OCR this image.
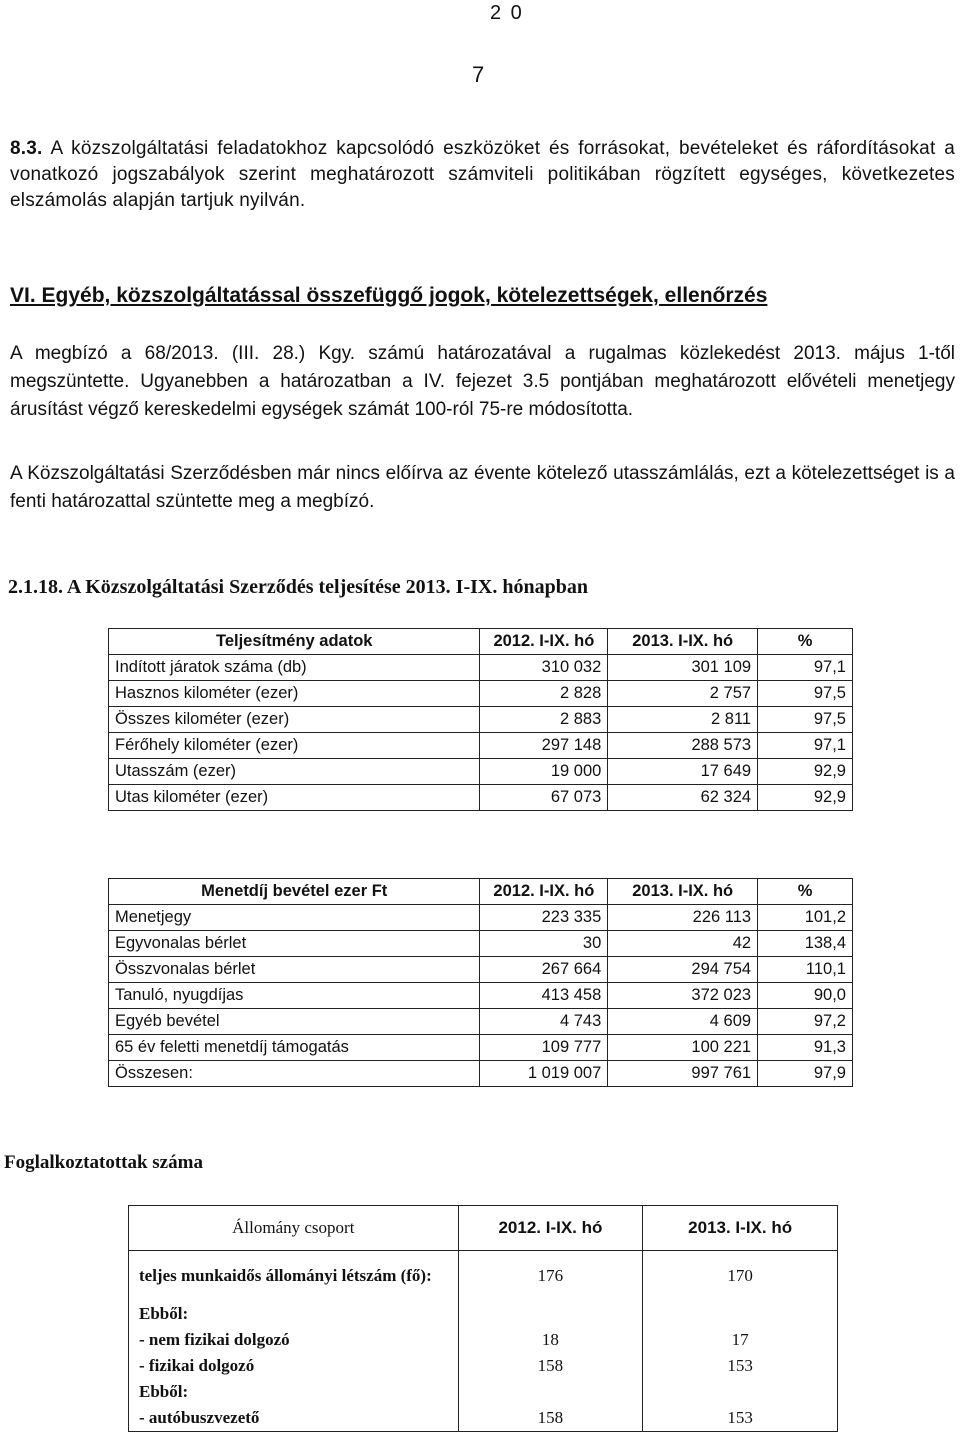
2 0
7
8.3. A közszolgáltatási feladatokhoz kapcsolódó eszközöket és forrásokat, bevételeket és ráfordításokat a vonatkozó jogszabályok szerint meghatározott számviteli politikában rögzített egységes, következetes elszámolás alapján tartjuk nyilván.
VI. Egyéb, közszolgáltatással összefüggő jogok, kötelezettségek, ellenőrzés
A megbízó a 68/2013. (III. 28.) Kgy. számú határozatával a rugalmas közlekedést 2013. május 1-től megszüntette. Ugyanebben a határozatban a IV. fejezet 3.5 pontjában meghatározott elővételi menetjegy árusítást végző kereskedelmi egységek számát 100-ról 75-re módosította.
A Közszolgáltatási Szerződésben már nincs előírva az évente kötelező utasszámlálás, ezt a kötelezettséget is a fenti határozattal szüntette meg a megbízó.
2.1.18. A Közszolgáltatási Szerződés teljesítése 2013. I-IX. hónapban
Teljesítmény adatok	2012. I-IX. hó	2013. I-IX. hó	%
Indított járatok száma (db)	310 032	301 109	97,1
Hasznos kilométer (ezer)	2 828	2 757	97,5
Összes kilométer (ezer)	2 883	2 811	97,5
Férőhely kilométer (ezer)	297 148	288 573	97,1
Utasszám (ezer)	19 000	17 649	92,9
Utas kilométer (ezer)	67 073	62 324	92,9
Menetdíj bevétel ezer Ft	2012. I-IX. hó	2013. I-IX. hó	%
Menetjegy	223 335	226 113	101,2
Egyvonalas bérlet	30	42	138,4
Összvonalas bérlet	267 664	294 754	110,1
Tanuló, nyugdíjas	413 458	372 023	90,0
Egyéb bevétel	4 743	4 609	97,2
65 év feletti menetdíj támogatás	109 777	100 221	91,3
Összesen:	1 019 007	997 761	97,9
Foglalkoztatottak száma
Állomány csoport	2012. I-IX. hó	2013. I-IX. hó
teljes munkaidős állományi létszám (fő):	176	170
Ebből:		
- nem fizikai dolgozó	18	17
- fizikai dolgozó	158	153
Ebből:		
- autóbuszvezető	158	153
